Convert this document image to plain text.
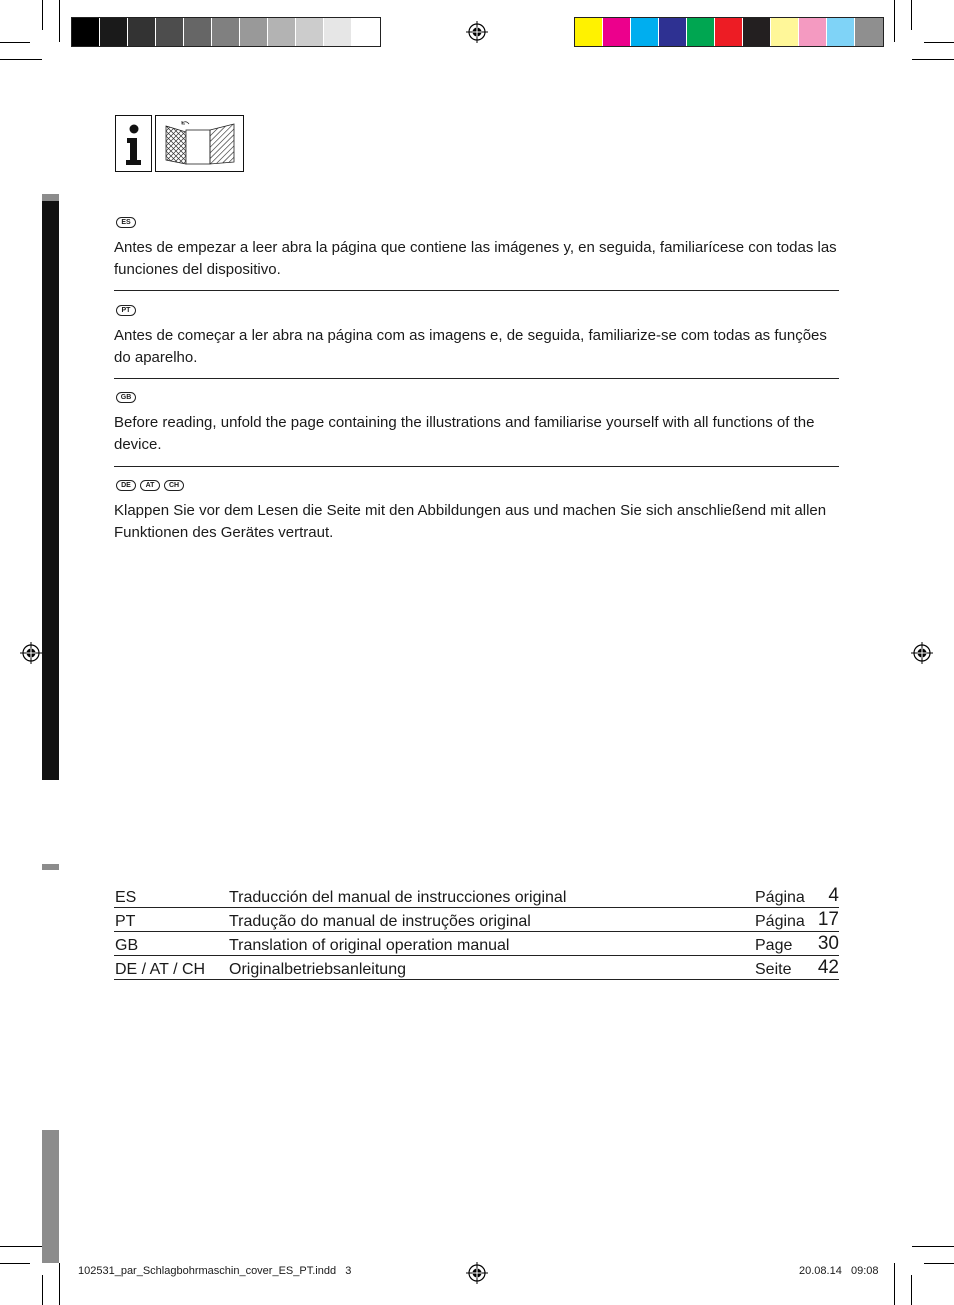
ES

Antes de empezar a leer abra la página que contiene las imágenes y, en seguida, familiarícese con todas las funciones del dispositivo.

PT

Antes de começar a ler abra na página com as imagens e, de seguida, familiarize-se com todas as funções do aparelho.

GB

Before reading, unfold the page containing the illustrations and familiarise yourself with all functions of the device.

DE	AT	CH

Klappen Sie vor dem Lesen die Seite mit den Abbildungen aus und machen Sie sich anschließend mit allen Funktionen des Gerätes vertraut.

ES	Traducción del manual de instrucciones original	Página	4
PT	Tradução do manual de instruções original	Página 17
GB	Translation of original operation manual	Page	30
DE / AT / CH	Originalbetriebsanleitung	Seite	42
102531_par_Schlagbohrmaschin_cover_ES_PT.indd   3	20.08.14   09:08
